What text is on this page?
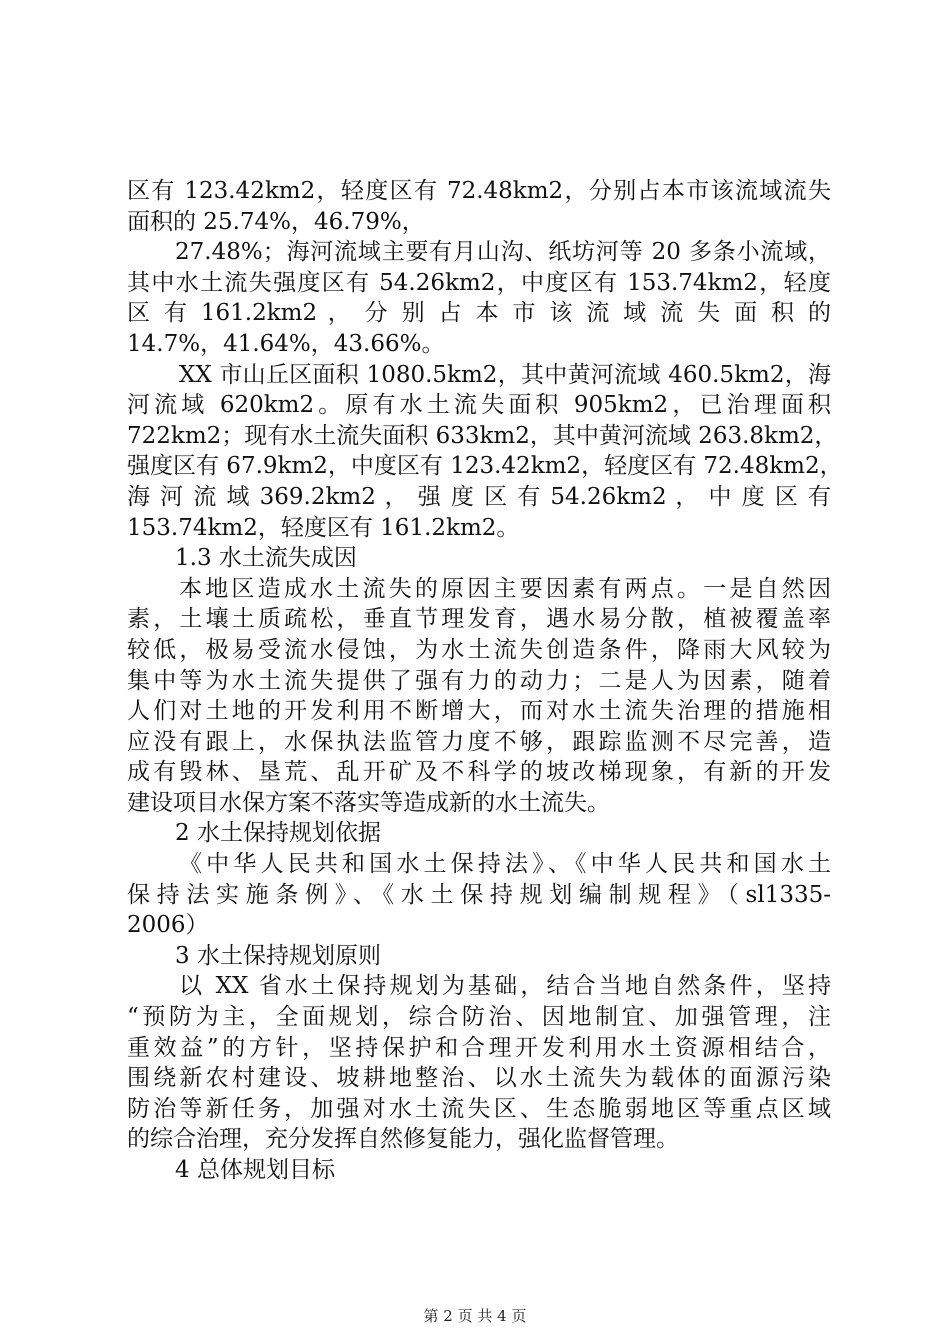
区有 123.42km2，轻度区有 72.48km2，分别占本市该流域流失
面积的 25.74%，46.79%，
27.48%；海河流域主要有月山沟、纸坊河等 20 多条小流域，
其中水土流失强度区有 54.26km2，中度区有 153.74km2，轻度
区 有 161.2km2 ， 分 别 占 本 市 该 流 域 流 失 面 积 的
14.7%，41.64%，43.66%。
XX 市山丘区面积 1080.5km2，其中黄河流域 460.5km2，海
河流域 620km2。原有水土流失面积 905km2，已治理面积
722km2；现有水土流失面积 633km2，其中黄河流域 263.8km2，
强度区有 67.9km2，中度区有 123.42km2，轻度区有 72.48km2，
海 河 流 域 369.2km2 ， 强 度 区 有 54.26km2 ， 中 度 区 有
153.74km2，轻度区有 161.2km2。
1.3 水土流失成因
本地区造成水土流失的原因主要因素有两点。一是自然因
素，土壤土质疏松，垂直节理发育，遇水易分散，植被覆盖率
较低，极易受流水侵蚀，为水土流失创造条件，降雨大风较为
集中等为水土流失提供了强有力的动力；二是人为因素，随着
人们对土地的开发利用不断增大，而对水土流失治理的措施相
应没有跟上，水保执法监管力度不够，跟踪监测不尽完善，造
成有毁林、垦荒、乱开矿及不科学的坡改梯现象，有新的开发
建设项目水保方案不落实等造成新的水土流失。
2 水土保持规划依据
《中华人民共和国水土保持法》、《中华人民共和国水土
保持法实施条例》、《水土保持规划编制规程》（sl1335-
2006）
3 水土保持规划原则
以 XX 省水土保持规划为基础，结合当地自然条件，坚持
“预防为主，全面规划，综合防治、因地制宜、加强管理，注
重效益”的方针，坚持保护和合理开发利用水土资源相结合，
围绕新农村建设、坡耕地整治、以水土流失为载体的面源污染
防治等新任务，加强对水土流失区、生态脆弱地区等重点区域
的综合治理，充分发挥自然修复能力，强化监督管理。
4 总体规划目标
第 2 页 共 4 页
